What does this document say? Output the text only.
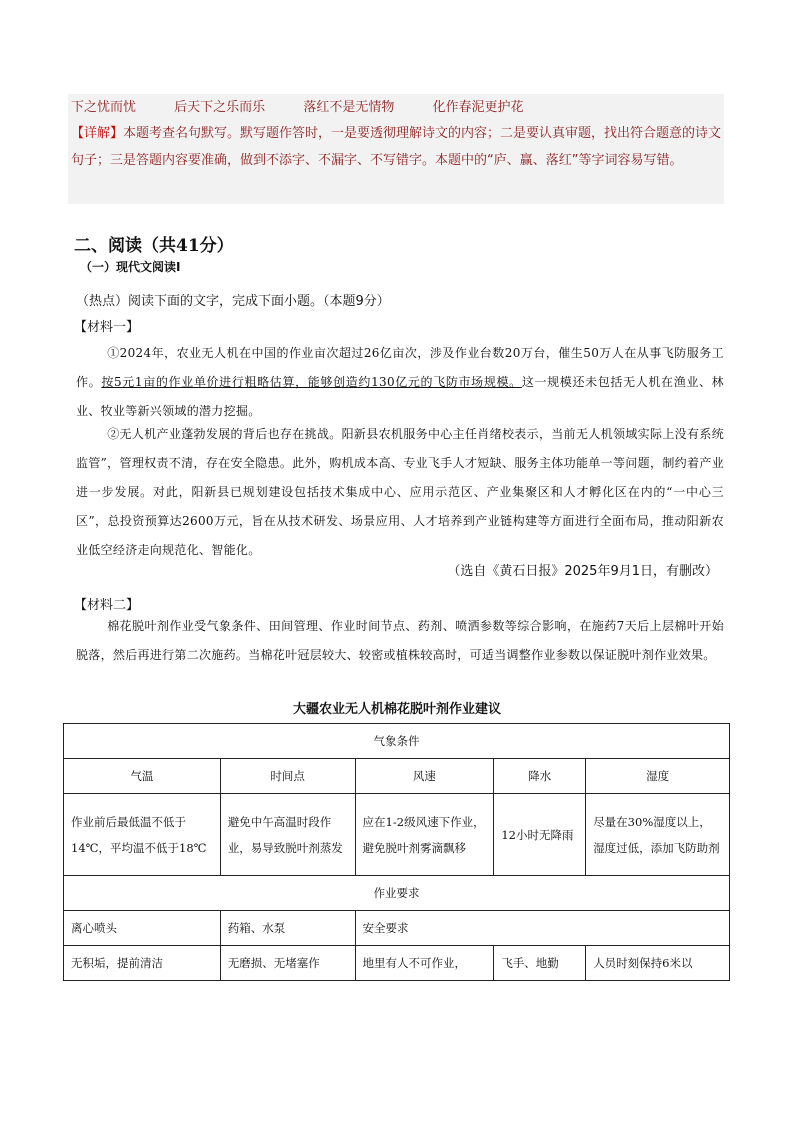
下之忧而忧	后天下之乐而乐	落红不是无情物	化作春泥更护花
【详解】本题考查名句默写。默写题作答时，一是要透彻理解诗文的内容；二是要认真审题，找出符合题意的诗文句子；三是答题内容要准确，做到不添字、不漏字、不写错字。本题中的“庐、赢、落红”等字词容易写错。
二、阅读（共41分）
（一）现代文阅读Ⅰ
（热点）阅读下面的文字，完成下面小题。（本题9分）
【材料一】
①2024年，农业无人机在中国的作业亩次超过26亿亩次，涉及作业台数20万台，催生50万人在从事飞防服务工作。按5元1亩的作业单价进行粗略估算，能够创造约130亿元的飞防市场规模。这一规模还未包括无人机在渔业、林业、牧业等新兴领域的潜力挖掘。
②无人机产业蓬勃发展的背后也存在挑战。阳新县农机服务中心主任肖绪校表示，当前无人机领域实际上没有系统监管”，管理权责不清，存在安全隐患。此外，购机成本高、专业飞手人才短缺、服务主体功能单一等问题，制约着产业进一步发展。对此，阳新县已规划建设包括技术集成中心、应用示范区、产业集聚区和人才孵化区在内的“一中心三区”，总投资预算达2600万元，旨在从技术研发、场景应用、人才培养到产业链构建等方面进行全面布局，推动阳新农业低空经济走向规范化、智能化。
（选自《黄石日报》2025年9月1日，有删改）
【材料二】
棉花脱叶剂作业受气象条件、田间管理、作业时间节点、药剂、喷洒参数等综合影响，在施药7天后上层棉叶开始脱落，然后再进行第二次施药。当棉花叶冠层较大、较密或植株较高时，可适当调整作业参数以保证脱叶剂作业效果。
大疆农业无人机棉花脱叶剂作业建议
气象条件				
气温	时间点	风速	降水	湿度
作业前后最低温不低于14℃，平均温不低于18℃	避免中午高温时段作业，易导致脱叶剂蒸发	应在1-2级风速下作业，避免脱叶剂雾滴飘移	12小时无降雨	尽量在30%湿度以上，湿度过低，添加飞防助剂
作业要求				
离心喷头	药箱、水泵	安全要求		
无积垢，提前清洁	无磨损、无堵塞作	地里有人不可作业，	飞手、地勤	人员时刻保持6米以
